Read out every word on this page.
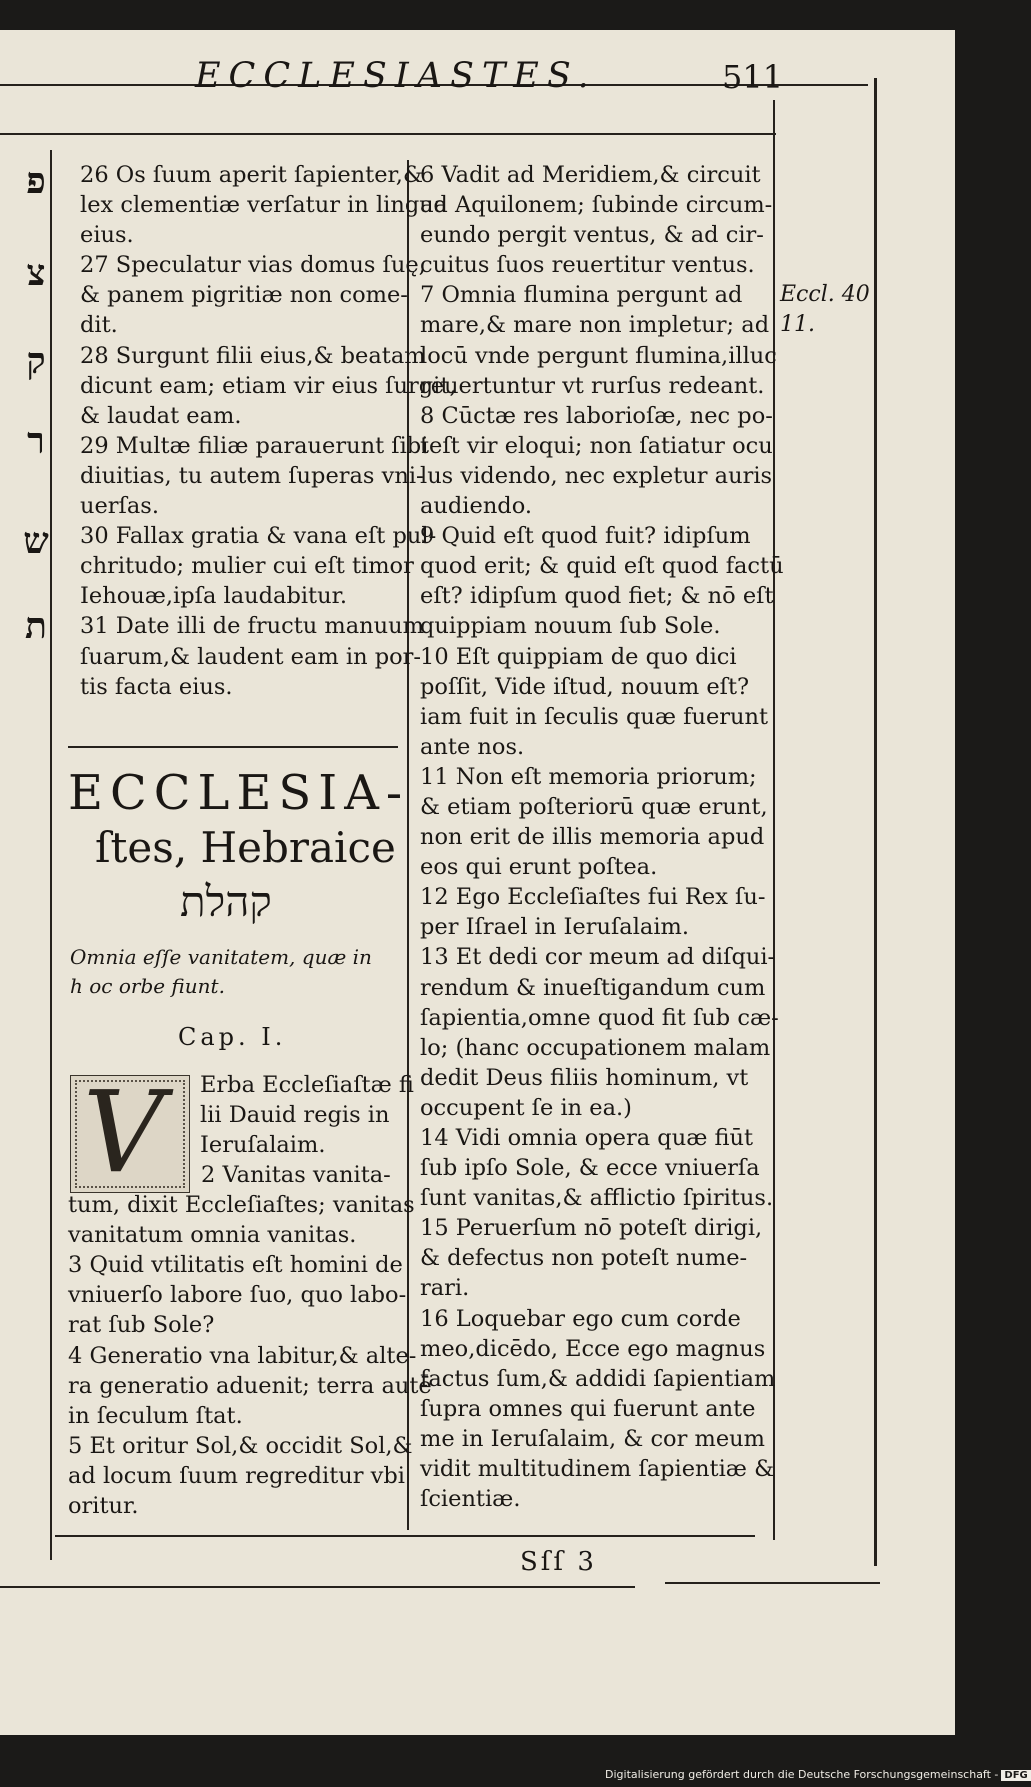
ECCLESIASTES.	511
פ
צ
ק
ר
ש
ת
26 Os ſuum aperit ſapienter,&
lex clementiæ verſatur in lingua
eius.
27 Speculatur vias domus ſuę,
& panem pigritiæ non come-
dit.
28 Surgunt filii eius,& beatam
dicunt eam; etiam vir eius ſurgit,
& laudat eam.
29 Multæ filiæ parauerunt ſibi
diuitias, tu autem ſuperas vni-
uerſas.
30 Fallax gratia & vana eſt pul-
chritudo; mulier cui eſt timor
Iehouæ,ipſa laudabitur.
31 Date illi de fructu manuum
ſuarum,& laudent eam in por-
tis facta eius.
ECCLESIA-
ſtes, Hebraice
קהלת
Omnia eſſe vanitatem, quæ in
h oc orbe fiunt.
Cap. I.
V Erba Eccleſiaſtæ fi
lii Dauid regis in
Ieruſalaim.
2 Vanitas vanita-
tum, dixit Eccleſiaſtes; vanitas
vanitatum omnia vanitas.
3 Quid vtilitatis eſt homini de
vniuerſo labore ſuo, quo labo-
rat ſub Sole?
4 Generatio vna labitur,& alte-
ra generatio aduenit; terra autē
in ſeculum ſtat.
5 Et oritur Sol,& occidit Sol,&
ad locum ſuum regreditur vbi
oritur.
6 Vadit ad Meridiem,& circuit
ad Aquilonem; ſubinde circum-
eundo pergit ventus, & ad cir-
cuitus ſuos reuertitur ventus.
7 Omnia flumina pergunt ad
mare,& mare non impletur; ad
locū vnde pergunt flumina,illuc
reuertuntur vt rurſus redeant.
8 Cūctæ res laborioſæ, nec po-
teſt vir eloqui; non ſatiatur ocu
lus videndo, nec expletur auris
audiendo.
9 Quid eſt quod fuit? idipſum
quod erit; & quid eſt quod factū
eſt? idipſum quod fiet; & nō eſt
quippiam nouum ſub Sole.
10 Eſt quippiam de quo dici
poſſit, Vide iſtud, nouum eſt?
iam fuit in ſeculis quæ fuerunt
ante nos.
11 Non eſt memoria priorum;
& etiam poſteriorū quæ erunt,
non erit de illis memoria apud
eos qui erunt poſtea.
12 Ego Eccleſiaſtes fui Rex ſu-
per Iſrael in Ieruſalaim.
13 Et dedi cor meum ad diſqui-
rendum & inueſtigandum cum
ſapientia,omne quod fit ſub cæ-
lo; (hanc occupationem malam
dedit Deus filiis hominum, vt
occupent ſe in ea.)
14 Vidi omnia opera quæ fiūt
ſub ipſo Sole, & ecce vniuerſa
ſunt vanitas,& afflictio ſpiritus.
15 Peruerſum nō poteſt dirigi,
& defectus non poteſt nume-
rari.
16 Loquebar ego cum corde
meo,dicēdo, Ecce ego magnus
factus ſum,& addidi ſapientiam
ſupra omnes qui fuerunt ante
me in Ieruſalaim, & cor meum
vidit multitudinem ſapientiæ &
ſcientiæ.
Eccl. 40
11.
Sſſ 3
Digitalisierung gefördert durch die Deutsche Forschungsgemeinschaft - DFG
